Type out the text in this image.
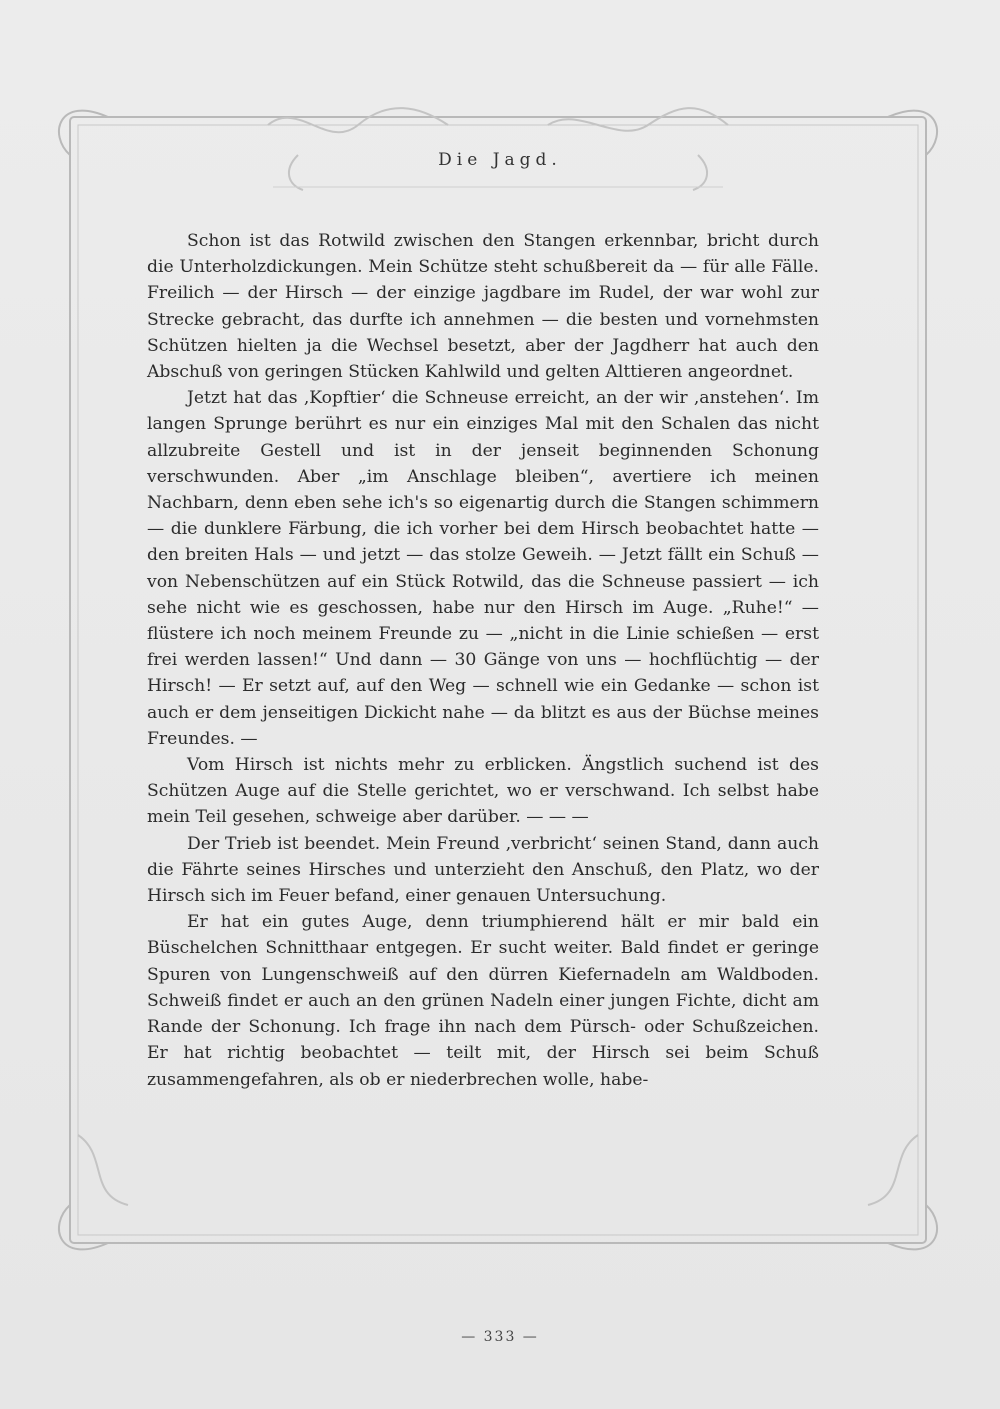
Die Jagd.

Schon ist das Rotwild zwischen den Stangen erkennbar, bricht durch die Unterholzdickungen. Mein Schütze steht schußbereit da — für alle Fälle. Freilich — der Hirsch — der einzige jagdbare im Rudel, der war wohl zur Strecke gebracht, das durfte ich annehmen — die besten und vornehmsten Schützen hielten ja die Wechsel besetzt, aber der Jagdherr hat auch den Abschuß von geringen Stücken Kahlwild und gelten Alttieren angeordnet.

Jetzt hat das ‚Kopftier‘ die Schneuse erreicht, an der wir ‚anstehen‘. Im langen Sprunge berührt es nur ein einziges Mal mit den Schalen das nicht allzubreite Gestell und ist in der jenseit beginnenden Schonung verschwunden. Aber „im Anschlage bleiben“, avertiere ich meinen Nachbarn, denn eben sehe ich's so eigenartig durch die Stangen schimmern — die dunklere Färbung, die ich vorher bei dem Hirsch beobachtet hatte — den breiten Hals — und jetzt — das stolze Geweih. — Jetzt fällt ein Schuß — von Nebenschützen auf ein Stück Rotwild, das die Schneuse passiert — ich sehe nicht wie es geschossen, habe nur den Hirsch im Auge. „Ruhe!“ — flüstere ich noch meinem Freunde zu — „nicht in die Linie schießen — erst frei werden lassen!“ Und dann — 30 Gänge von uns — hochflüchtig — der Hirsch! — Er setzt auf, auf den Weg — schnell wie ein Gedanke — schon ist auch er dem jenseitigen Dickicht nahe — da blitzt es aus der Büchse meines Freundes. —

Vom Hirsch ist nichts mehr zu erblicken. Ängstlich suchend ist des Schützen Auge auf die Stelle gerichtet, wo er verschwand. Ich selbst habe mein Teil gesehen, schweige aber darüber. — — —

Der Trieb ist beendet. Mein Freund ‚verbricht‘ seinen Stand, dann auch die Fährte seines Hirsches und unterzieht den Anschuß, den Platz, wo der Hirsch sich im Feuer befand, einer genauen Untersuchung.

Er hat ein gutes Auge, denn triumphierend hält er mir bald ein Büschelchen Schnitthaar entgegen. Er sucht weiter. Bald findet er geringe Spuren von Lungenschweiß auf den dürren Kiefernadeln am Waldboden. Schweiß findet er auch an den grünen Nadeln einer jungen Fichte, dicht am Rande der Schonung. Ich frage ihn nach dem Pürsch- oder Schußzeichen. Er hat richtig beobachtet — teilt mit, der Hirsch sei beim Schuß zusammengefahren, als ob er niederbrechen wolle, habe-

— 333 —
